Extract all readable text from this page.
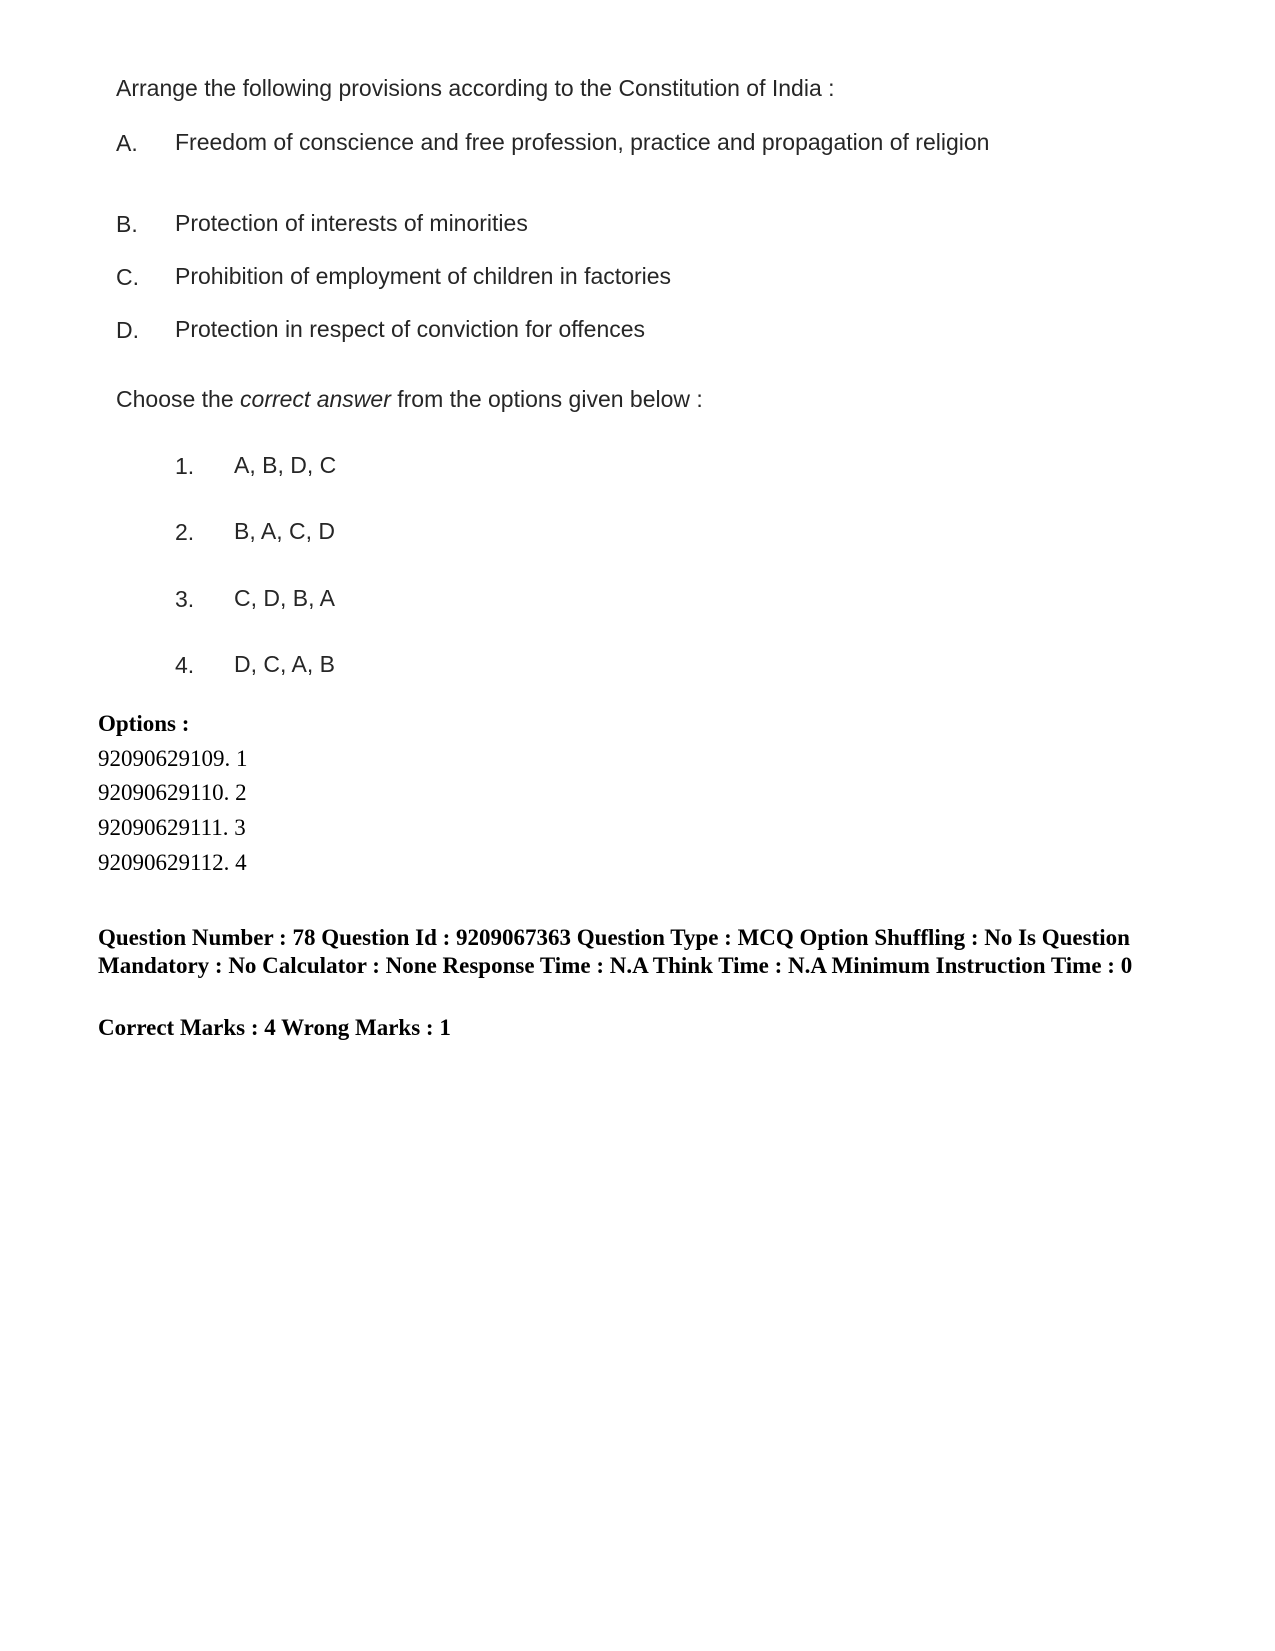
Arrange the following provisions according to the Constitution of India :
A. Freedom of conscience and free profession, practice and propagation of religion
B. Protection of interests of minorities
C. Prohibition of employment of children in factories
D. Protection in respect of conviction for offences
Choose the correct answer from the options given below :
1. A, B, D, C
2. B, A, C, D
3. C, D, B, A
4. D, C, A, B
Options :
92090629109. 1
92090629110. 2
92090629111. 3
92090629112. 4
Question Number : 78 Question Id : 9209067363 Question Type : MCQ Option Shuffling : No Is Question Mandatory : No Calculator : None Response Time : N.A Think Time : N.A Minimum Instruction Time : 0
Correct Marks : 4 Wrong Marks : 1
